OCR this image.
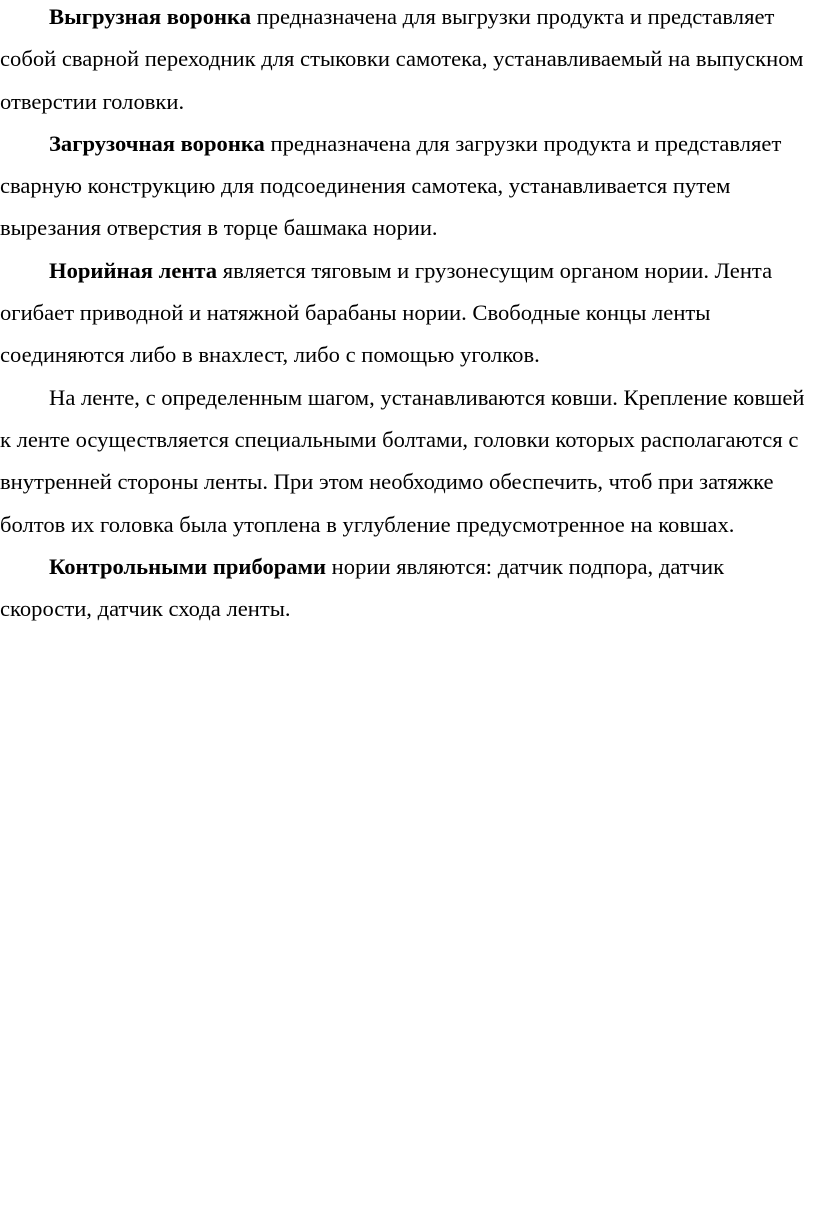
Выгрузная воронка предназначена для выгрузки продукта и представляет собой сварной переходник для стыковки самотека, устанавливаемый на выпускном отверстии головки.

Загрузочная воронка предназначена для загрузки продукта и представляет сварную конструкцию для подсоединения самотека, устанавливается путем вырезания отверстия в торце башмака нории.

Норийная лента является тяговым и грузонесущим органом нории. Лента огибает приводной и натяжной барабаны нории. Свободные концы ленты соединяются либо в внахлест, либо с помощью уголков.

На ленте, с определенным шагом, устанавливаются ковши. Крепление ковшей к ленте осуществляется специальными болтами, головки которых располагаются с внутренней стороны ленты. При этом необходимо обеспечить, чтоб при затяжке болтов их головка была утоплена в углубление предусмотренное на ковшах.

Контрольными приборами нории являются: датчик подпора, датчик скорости, датчик схода ленты.
